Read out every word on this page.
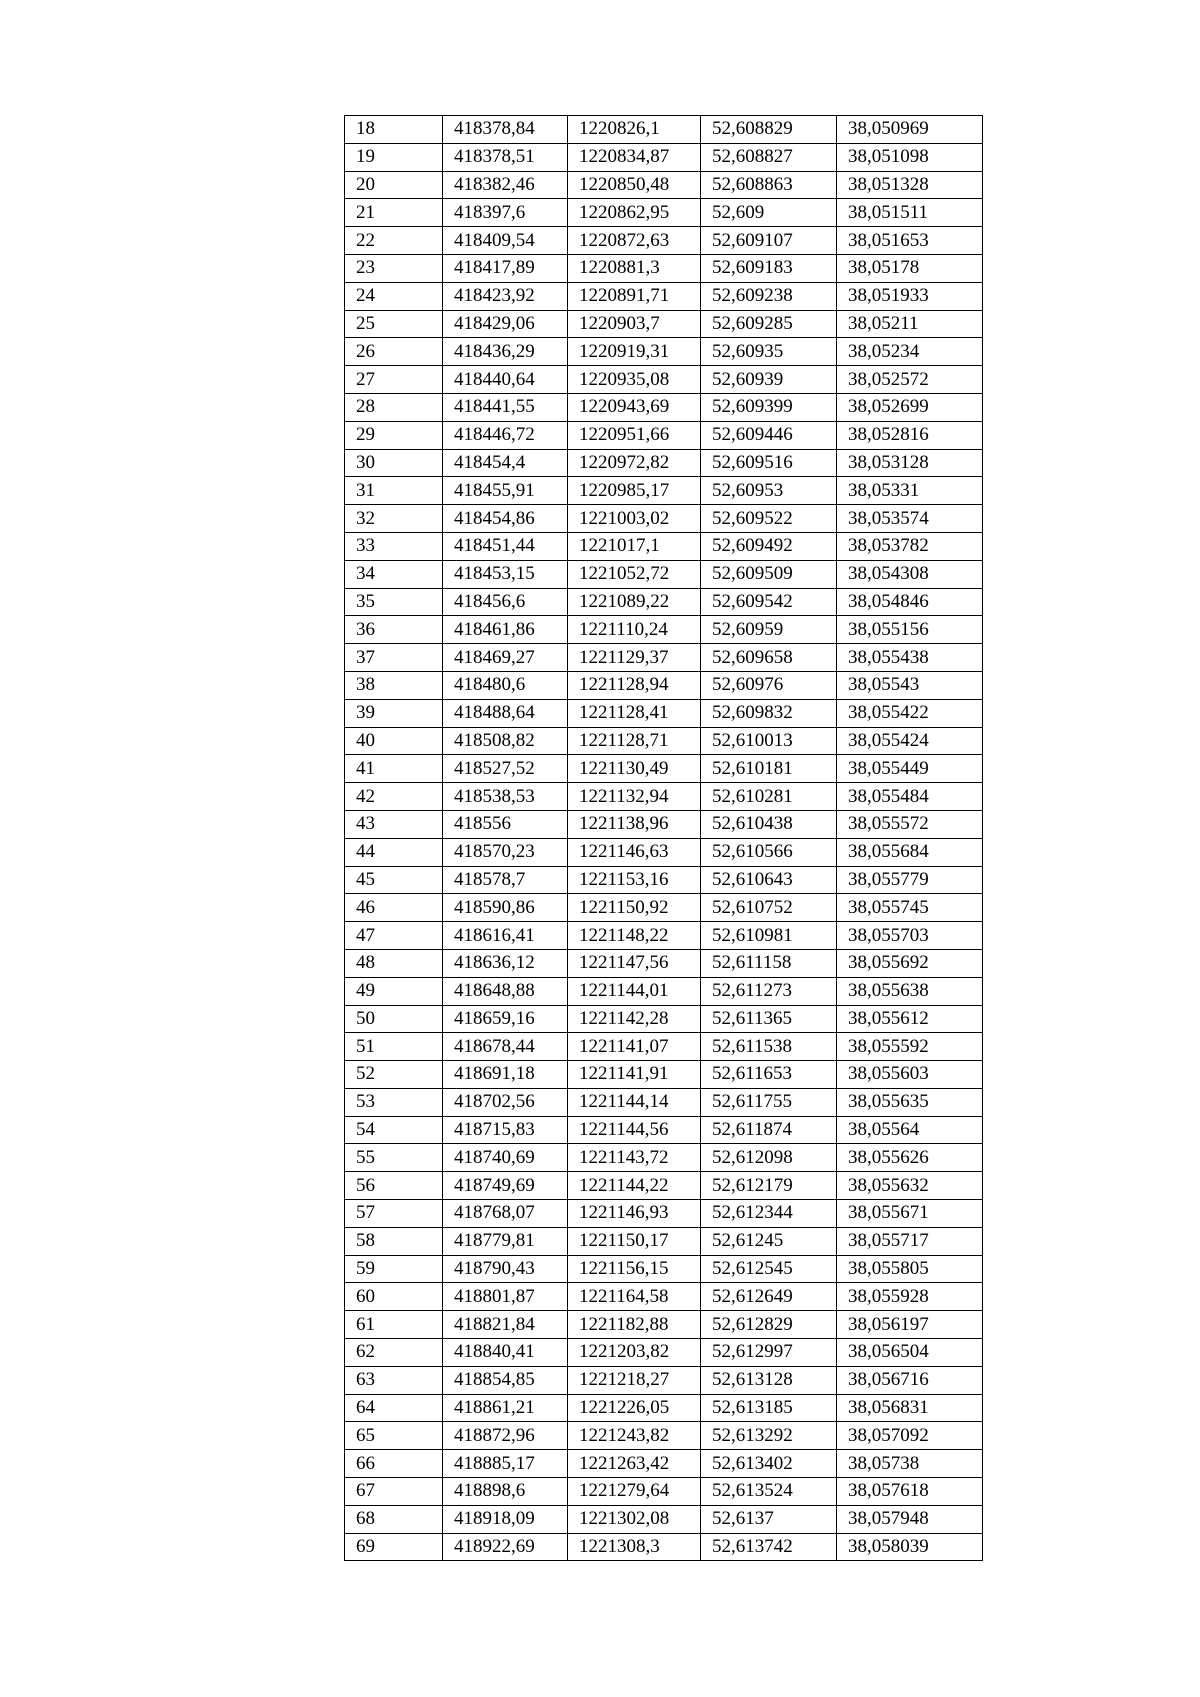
18	418378,84	1220826,1	52,608829	38,050969
19	418378,51	1220834,87	52,608827	38,051098
20	418382,46	1220850,48	52,608863	38,051328
21	418397,6	1220862,95	52,609	38,051511
22	418409,54	1220872,63	52,609107	38,051653
23	418417,89	1220881,3	52,609183	38,05178
24	418423,92	1220891,71	52,609238	38,051933
25	418429,06	1220903,7	52,609285	38,05211
26	418436,29	1220919,31	52,60935	38,05234
27	418440,64	1220935,08	52,60939	38,052572
28	418441,55	1220943,69	52,609399	38,052699
29	418446,72	1220951,66	52,609446	38,052816
30	418454,4	1220972,82	52,609516	38,053128
31	418455,91	1220985,17	52,60953	38,05331
32	418454,86	1221003,02	52,609522	38,053574
33	418451,44	1221017,1	52,609492	38,053782
34	418453,15	1221052,72	52,609509	38,054308
35	418456,6	1221089,22	52,609542	38,054846
36	418461,86	1221110,24	52,60959	38,055156
37	418469,27	1221129,37	52,609658	38,055438
38	418480,6	1221128,94	52,60976	38,05543
39	418488,64	1221128,41	52,609832	38,055422
40	418508,82	1221128,71	52,610013	38,055424
41	418527,52	1221130,49	52,610181	38,055449
42	418538,53	1221132,94	52,610281	38,055484
43	418556	1221138,96	52,610438	38,055572
44	418570,23	1221146,63	52,610566	38,055684
45	418578,7	1221153,16	52,610643	38,055779
46	418590,86	1221150,92	52,610752	38,055745
47	418616,41	1221148,22	52,610981	38,055703
48	418636,12	1221147,56	52,611158	38,055692
49	418648,88	1221144,01	52,611273	38,055638
50	418659,16	1221142,28	52,611365	38,055612
51	418678,44	1221141,07	52,611538	38,055592
52	418691,18	1221141,91	52,611653	38,055603
53	418702,56	1221144,14	52,611755	38,055635
54	418715,83	1221144,56	52,611874	38,05564
55	418740,69	1221143,72	52,612098	38,055626
56	418749,69	1221144,22	52,612179	38,055632
57	418768,07	1221146,93	52,612344	38,055671
58	418779,81	1221150,17	52,61245	38,055717
59	418790,43	1221156,15	52,612545	38,055805
60	418801,87	1221164,58	52,612649	38,055928
61	418821,84	1221182,88	52,612829	38,056197
62	418840,41	1221203,82	52,612997	38,056504
63	418854,85	1221218,27	52,613128	38,056716
64	418861,21	1221226,05	52,613185	38,056831
65	418872,96	1221243,82	52,613292	38,057092
66	418885,17	1221263,42	52,613402	38,05738
67	418898,6	1221279,64	52,613524	38,057618
68	418918,09	1221302,08	52,6137	38,057948
69	418922,69	1221308,3	52,613742	38,058039
